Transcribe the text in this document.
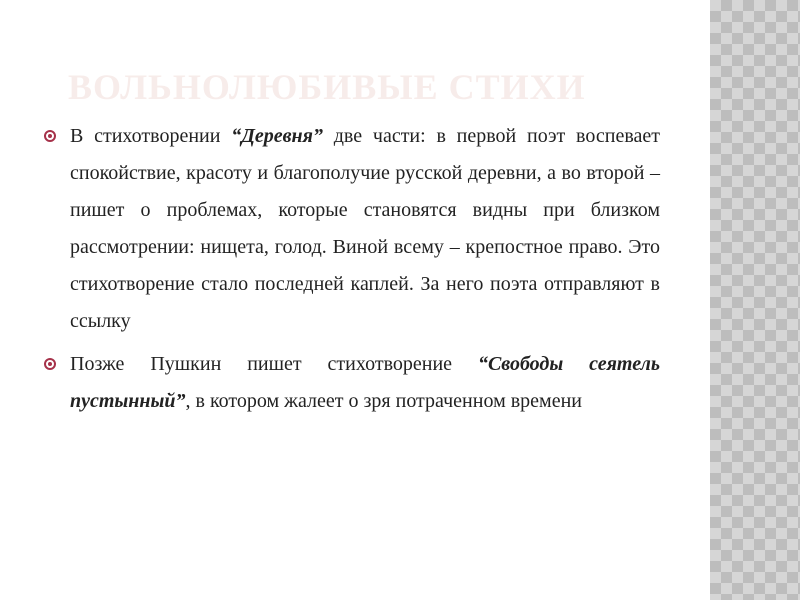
ВОЛЬНОЛЮБИВЫЕ СТИХИ
В стихотворении “Деревня” две части: в первой поэт воспевает спокойствие, красоту и благополучие русской деревни, а во второй – пишет о проблемах, которые становятся видны при близком рассмотрении: нищета, голод. Виной всему – крепостное право. Это стихотворение стало последней каплей. За него поэта отправляют в ссылку
Позже Пушкин пишет стихотворение “Свободы сеятель пустынный”, в котором жалеет о зря потраченном времени
